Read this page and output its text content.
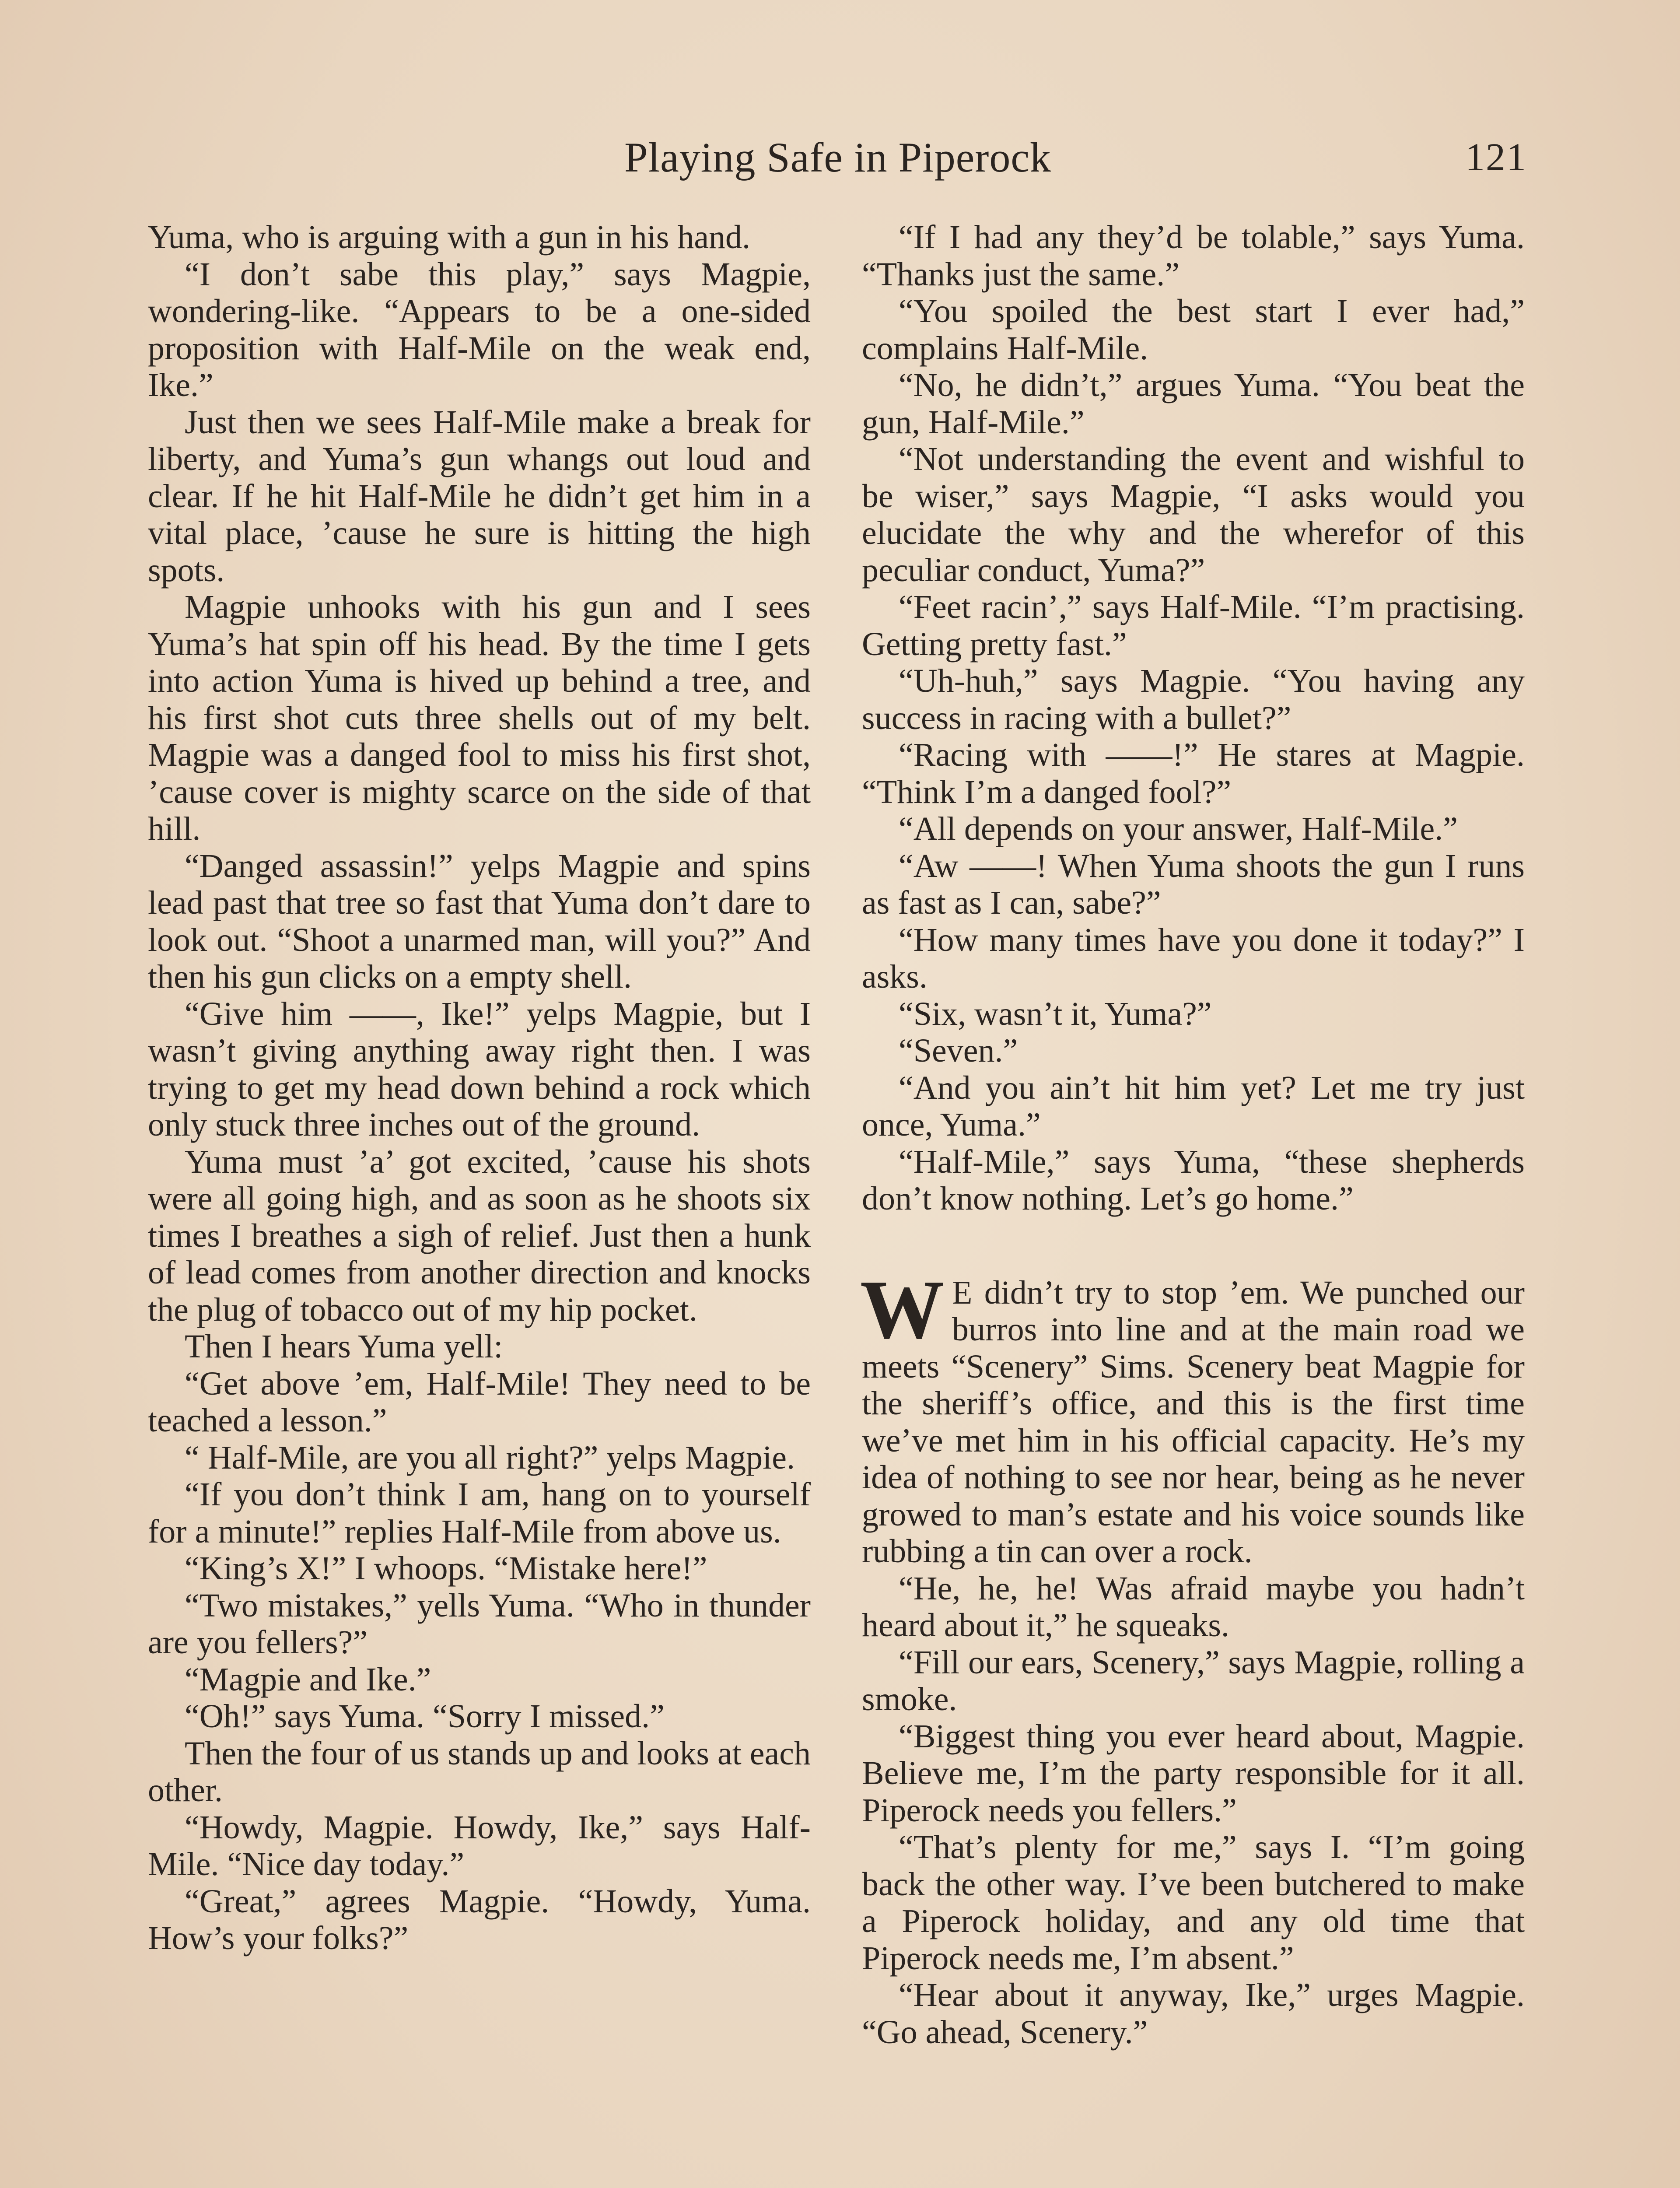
Playing Safe in Piperock	121

Yuma, who is arguing with a gun in his hand.

“I don’t sabe this play,” says Magpie, wondering-like. “Appears to be a one-sided proposition with Half-Mile on the weak end, Ike.”

Just then we sees Half-Mile make a break for liberty, and Yuma’s gun whangs out loud and clear. If he hit Half-Mile he didn’t get him in a vital place, ’cause he sure is hitting the high spots.

Magpie unhooks with his gun and I sees Yuma’s hat spin off his head. By the time I gets into action Yuma is hived up behind a tree, and his first shot cuts three shells out of my belt. Magpie was a danged fool to miss his first shot, ’cause cover is mighty scarce on the side of that hill.

“Danged assassin!” yelps Magpie and spins lead past that tree so fast that Yuma don’t dare to look out. “Shoot a unarmed man, will you?” And then his gun clicks on a empty shell.

“Give him ——, Ike!” yelps Magpie, but I wasn’t giving anything away right then. I was trying to get my head down behind a rock which only stuck three inches out of the ground.

Yuma must ’a’ got excited, ’cause his shots were all going high, and as soon as he shoots six times I breathes a sigh of relief. Just then a hunk of lead comes from another direction and knocks the plug of tobacco out of my hip pocket.

Then I hears Yuma yell:

“Get above ’em, Half-Mile! They need to be teached a lesson.”

“ Half-Mile, are you all right?” yelps Magpie.

“If you don’t think I am, hang on to yourself for a minute!” replies Half-Mile from above us.

“King’s X!” I whoops. “Mistake here!”

“Two mistakes,” yells Yuma. “Who in thunder are you fellers?”

“Magpie and Ike.”

“Oh!” says Yuma. “Sorry I missed.”

Then the four of us stands up and looks at each other.

“Howdy, Magpie. Howdy, Ike,” says Half-Mile. “Nice day today.”

“Great,” agrees Magpie. “Howdy, Yuma. How’s your folks?”

“If I had any they’d be tolable,” says Yuma. “Thanks just the same.”

“You spoiled the best start I ever had,” complains Half-Mile.

“No, he didn’t,” argues Yuma. “You beat the gun, Half-Mile.”

“Not understanding the event and wishful to be wiser,” says Magpie, “I asks would you elucidate the why and the wherefor of this peculiar conduct, Yuma?”

“Feet racin’,” says Half-Mile. “I’m practising. Getting pretty fast.”

“Uh-huh,” says Magpie. “You having any success in racing with a bullet?”

“Racing with ——!” He stares at Magpie. “Think I’m a danged fool?”

“All depends on your answer, Half-Mile.”

“Aw ——! When Yuma shoots the gun I runs as fast as I can, sabe?”

“How many times have you done it today?” I asks.

“Six, wasn’t it, Yuma?”

“Seven.”

“And you ain’t hit him yet? Let me try just once, Yuma.”

“Half-Mile,” says Yuma, “these shepherds don’t know nothing. Let’s go home.”

W E didn’t try to stop ’em. We punched our burros into line and at the main road we meets “Scenery” Sims. Scenery beat Magpie for the sheriff’s office, and this is the first time we’ve met him in his official capacity. He’s my idea of nothing to see nor hear, being as he never growed to man’s estate and his voice sounds like rubbing a tin can over a rock.

“He, he, he! Was afraid maybe you hadn’t heard about it,” he squeaks.

“Fill our ears, Scenery,” says Magpie, rolling a smoke.

“Biggest thing you ever heard about, Magpie. Believe me, I’m the party responsible for it all. Piperock needs you fellers.”

“That’s plenty for me,” says I. “I’m going back the other way. I’ve been butchered to make a Piperock holiday, and any old time that Piperock needs me, I’m absent.”

“Hear about it anyway, Ike,” urges Magpie. “Go ahead, Scenery.”
